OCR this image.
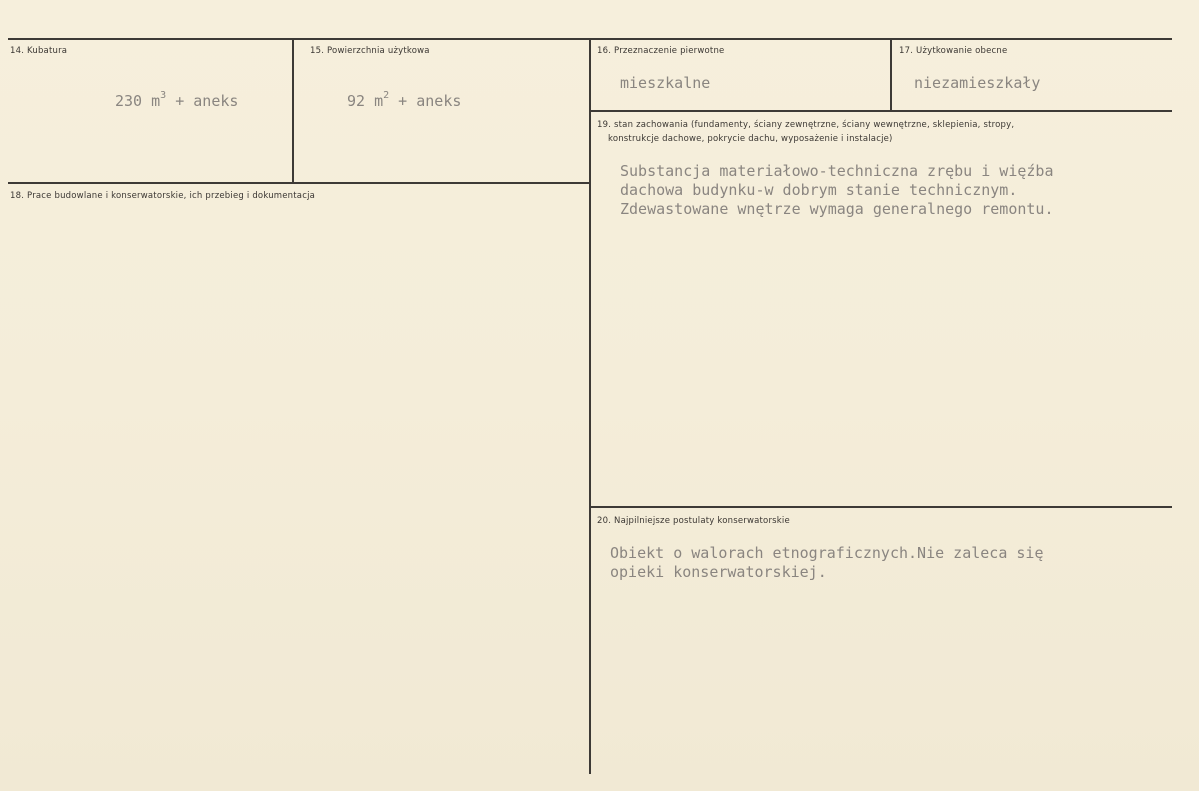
14. Kubatura
230 $m^3$ + aneks
15. Powierzchnia użytkowa
92 $m^2$ + aneks
16. Przeznaczenie pierwotne
mieszkalne
17. Użytkowanie obecne
niezamieszkały
18. Prace budowlane i konserwatorskie, ich przebieg i dokumentacja
19. stan zachowania (fundamenty, ściany zewnętrzne, ściany wewnętrzne, sklepienia, stropy,
konstrukcje dachowe, pokrycie dachu, wyposażenie i instalacje)
Substancja materiałowo-techniczna zrębu i więźba
dachowa budynku-w dobrym stanie technicznym.
Zdewastowane wnętrze wymaga generalnego remontu.
20. Najpilniejsze postulaty konserwatorskie
Obiekt o walorach etnograficznych.Nie zaleca się
opieki konserwatorskiej.
